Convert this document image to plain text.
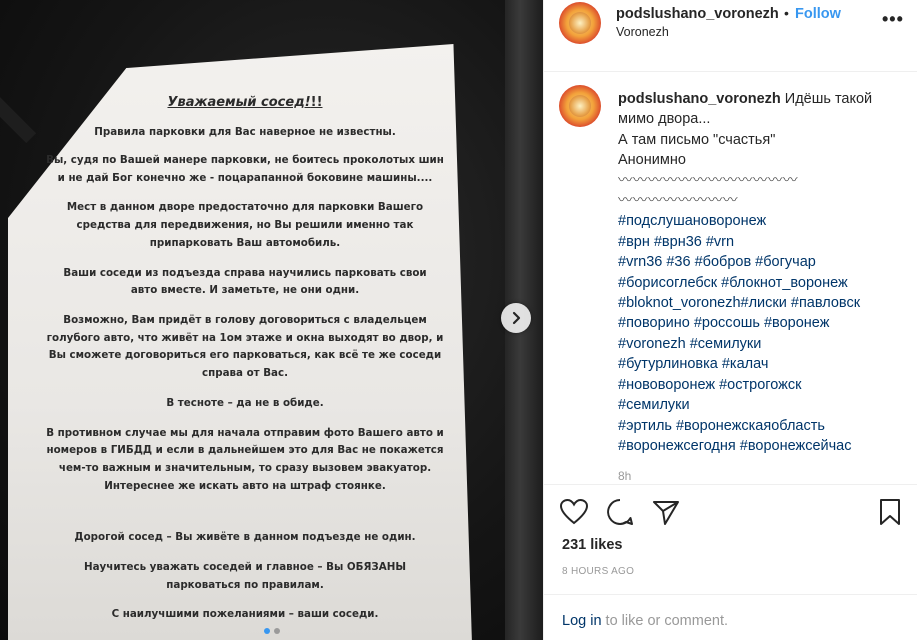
Уважаемый сосед!!!

Правила парковки для Вас наверное не известны.

Вы, судя по Вашей манере парковки, не боитесь проколотых шин и не дай Бог конечно же - поцарапанной боковине машины....

Мест в данном дворе предостаточно для парковки Вашего средства для передвижения, но Вы решили именно так припарковать Ваш автомобиль.

Ваши соседи из подъезда справа научились парковать свои авто вместе. И заметьте, не они одни.

Возможно, Вам придёт в голову договориться с владельцем голубого авто, что живёт на 1ом этаже и окна выходят во двор, и Вы сможете договориться его парковаться, как всё те же соседи справа от Вас.

В тесноте – да не в обиде.

В противном случае мы для начала отправим фото Вашего авто и номеров в ГИБДД и если в дальнейшем это для Вас не покажется чем-то важным и значительным, то сразу вызовем эвакуатор. Интереснее же искать авто на штраф стоянке.

Дорогой сосед – Вы живёте в данном подъезде не один.

Научитесь уважать соседей и главное – Вы ОБЯЗАНЫ парковаться по правилам.

С наилучшими пожеланиями – ваши соседи.

podslushano_voronezh • Follow
Voronezh
•••
podslushano_voronezh Идёшь такой мимо двора...
А там письмо "счастья"
Анонимно
〰〰〰〰〰〰〰〰〰〰〰〰
〰〰〰〰〰〰〰〰
#подслушановоронеж
#врн #врн36 #vrn
#vrn36 #36 #бобров #богучар
#борисоглебск #блокнот_воронеж
#bloknot_voronezh#лиски #павловск
#поворино #россошь #воронеж
#voronezh #семилуки
#бутурлиновка #калач
#нововоронеж #острогожск
#семилуки
#эртиль #воронежскаяобласть
#воронежсегодня #воронежсейчас
8h
231 likes
8 HOURS AGO
Log in to like or comment.
